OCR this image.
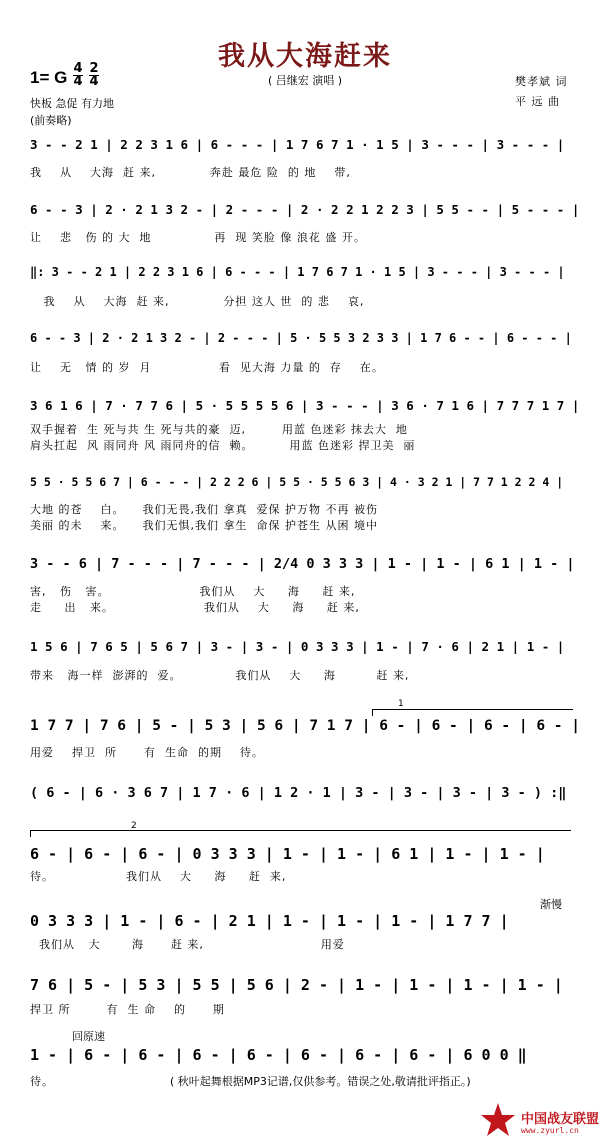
我从大海赶来
1= G 4
4
2
4	( 吕继宏 演唱 )	樊孝斌 词
快板 急促 有力地	平 远 曲
(前奏略)
3 - - 2 1 | 2 2 3 1 6 | 6 - - - | 1 7 6 7 1 · 1 5 | 3 - - - | 3 - - - |
我    从    大海  赶 来,            奔赴 最危 险  的 地    带,
6 - - 3 | 2 · 2 1 3 2 - | 2 - - - | 2 · 2 2 1 2 2 3 | 5 5 - - | 5 - - - |
让    悲   伤 的 大  地              再  现 笑脸 像 浪花 盛 开。
‖: 3 - - 2 1 | 2 2 3 1 6 | 6 - - - | 1 7 6 7 1 · 1 5 | 3 - - - | 3 - - - |
我    从    大海  赶 来,            分担 这人 世  的 悲    哀,
6 - - 3 | 2 · 2 1 3 2 - | 2 - - - | 5 · 5 5 3 2 3 3 | 1 7 6 - - | 6 - - - |
让    无   情 的 岁  月               看  见大海 力量 的  存    在。
3 6 1 6 | 7 · 7 7 6 | 5 · 5 5 5 5 6 | 3 - - - | 3 6 · 7 1 6 | 7 7 7 1 7 |
双手握着  生 死与共 生 死与共的豪  迈,        用蓝 色迷彩 抹去大  地
肩头扛起  风 雨同舟 风 雨同舟的信  赖。        用蓝 色迷彩 捍卫美  丽
5 5 · 5 5 6 7 | 6 - - - | 2 2 2 6 | 5 5 · 5 5 6 3 | 4 · 3 2 1 | 7 7 1 2 2 4 |
大地 的苍    白。    我们无畏,我们 拿真  爱保 护万物 不再 被伤
美丽 的未    来。    我们无惧,我们 拿生  命保 护苍生 从困 境中
3 - - 6 | 7 - - - | 7 - - - | 2/4 0 3 3 3 | 1 - | 1 - | 6 1 | 1 - |
害,   伤   害。                    我们从    大     海     赶 来,
走     出   来。                    我们从    大     海     赶 来,
1 5 6 | 7 6 5 | 5 6 7 | 3 - | 3 - | 0 3 3 3 | 1 - | 7 · 6 | 2 1 | 1 - |
带来   海一样  澎湃的  爱。            我们从    大     海         赶 来,
1
1 7 7 | 7 6 | 5 - | 5 3 | 5 6 | 7 1 7 | 6 - | 6 - | 6 - | 6 - |
用爱    捍卫  所      有  生命  的期    待。
( 6 - | 6 · 3 6 7 | 1 7 · 6 | 1 2 · 1 | 3 - | 3 - | 3 - | 3 - ) :‖
2
6 - | 6 - | 6 - | 0 3 3 3 | 1 - | 1 - | 6 1 | 1 - | 1 - |
待。                我们从    大     海     赶  来,
渐慢
0 3 3 3 | 1 - | 6 - | 2 1 | 1 - | 1 - | 1 - | 1 7 7 |
我们从   大       海      赶 来,                          用爱
7 6 | 5 - | 5 3 | 5 5 | 5 6 | 2 - | 1 - | 1 - | 1 - | 1 - |
捍卫 所        有  生 命    的      期
回原速
1 - | 6 - | 6 - | 6 - | 6 - | 6 - | 6 - | 6 - | 6 0 0 ‖
待。	( 秋叶起舞根据MP3记谱,仅供参考。错误之处,敬请批评指正。)
中国战友联盟
www.zyurl.cn
